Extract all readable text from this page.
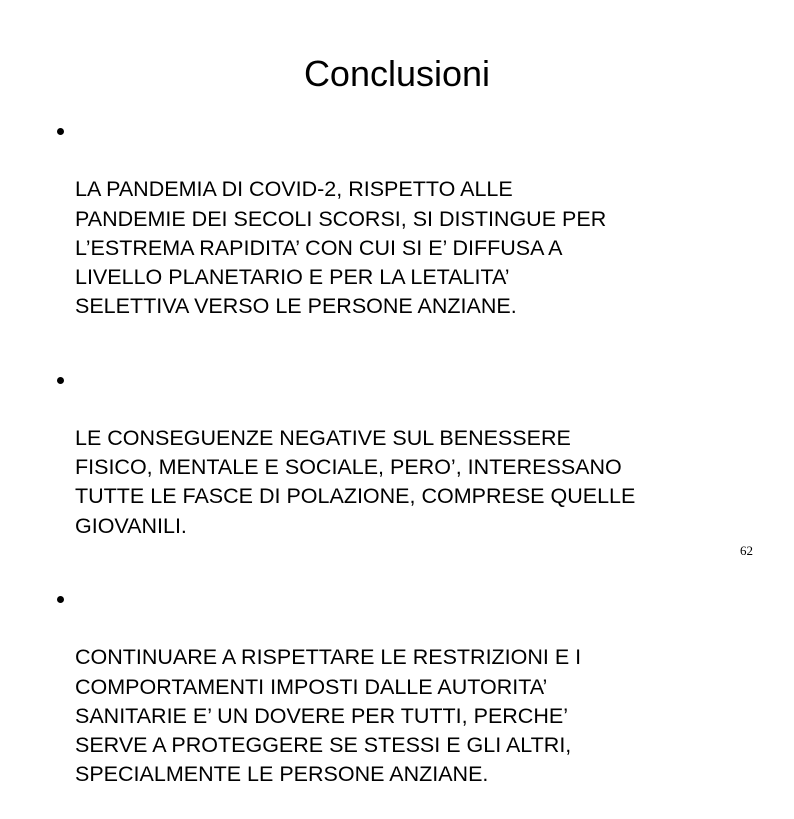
Conclusioni

LA PANDEMIA DI COVID-2, RISPETTO ALLE
PANDEMIE DEI SECOLI SCORSI, SI DISTINGUE PER
L’ESTREMA RAPIDITA’ CON CUI SI E’ DIFFUSA A
LIVELLO PLANETARIO E PER LA LETALITA’
SELETTIVA VERSO LE PERSONE ANZIANE.

LE CONSEGUENZE NEGATIVE SUL BENESSERE
FISICO, MENTALE E SOCIALE, PERO’, INTERESSANO
TUTTE LE FASCE DI POLAZIONE, COMPRESE QUELLE
GIOVANILI.

CONTINUARE A RISPETTARE LE RESTRIZIONI E I
COMPORTAMENTI IMPOSTI DALLE AUTORITA’
SANITARIE E’ UN DOVERE PER TUTTI, PERCHE’
SERVE A PROTEGGERE SE STESSI E GLI ALTRI,
SPECIALMENTE LE PERSONE ANZIANE.

62
